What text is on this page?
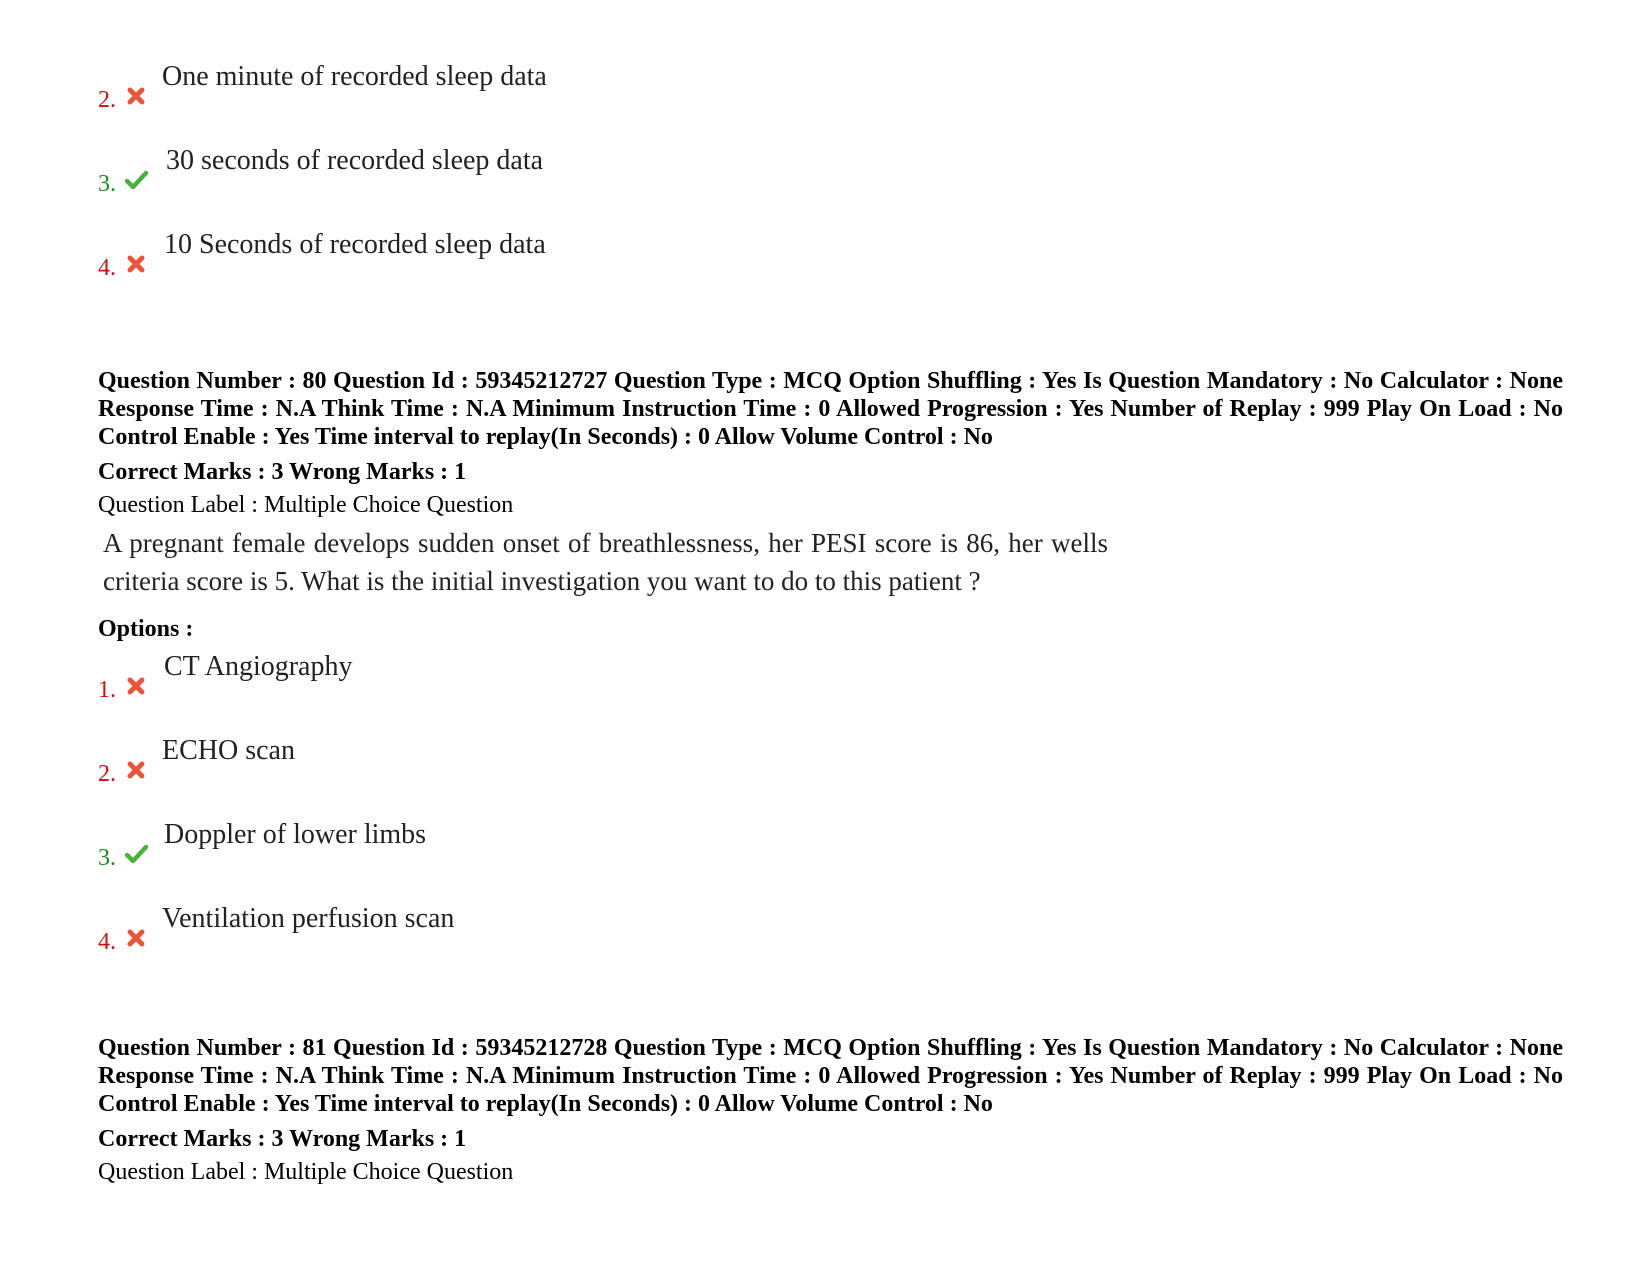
2.
One minute of recorded sleep data
3.
30 seconds of recorded sleep data
4.
10 Seconds of recorded sleep data
Question Number : 80 Question Id : 59345212727 Question Type : MCQ Option Shuffling : Yes Is Question Mandatory : No Calculator : None Response Time : N.A Think Time : N.A Minimum Instruction Time : 0 Allowed Progression : Yes Number of Replay : 999 Play On Load : No Control Enable : Yes Time interval to replay(In Seconds) : 0 Allow Volume Control : No
Correct Marks : 3 Wrong Marks : 1
Question Label : Multiple Choice Question
A pregnant female develops sudden onset of breathlessness, her PESI score is 86, her wells criteria score is 5. What is the initial investigation you want to do to this patient ?
Options :
1.
CT Angiography
2.
ECHO scan
3.
Doppler of lower limbs
4.
Ventilation perfusion scan
Question Number : 81 Question Id : 59345212728 Question Type : MCQ Option Shuffling : Yes Is Question Mandatory : No Calculator : None Response Time : N.A Think Time : N.A Minimum Instruction Time : 0 Allowed Progression : Yes Number of Replay : 999 Play On Load : No Control Enable : Yes Time interval to replay(In Seconds) : 0 Allow Volume Control : No
Correct Marks : 3 Wrong Marks : 1
Question Label : Multiple Choice Question
